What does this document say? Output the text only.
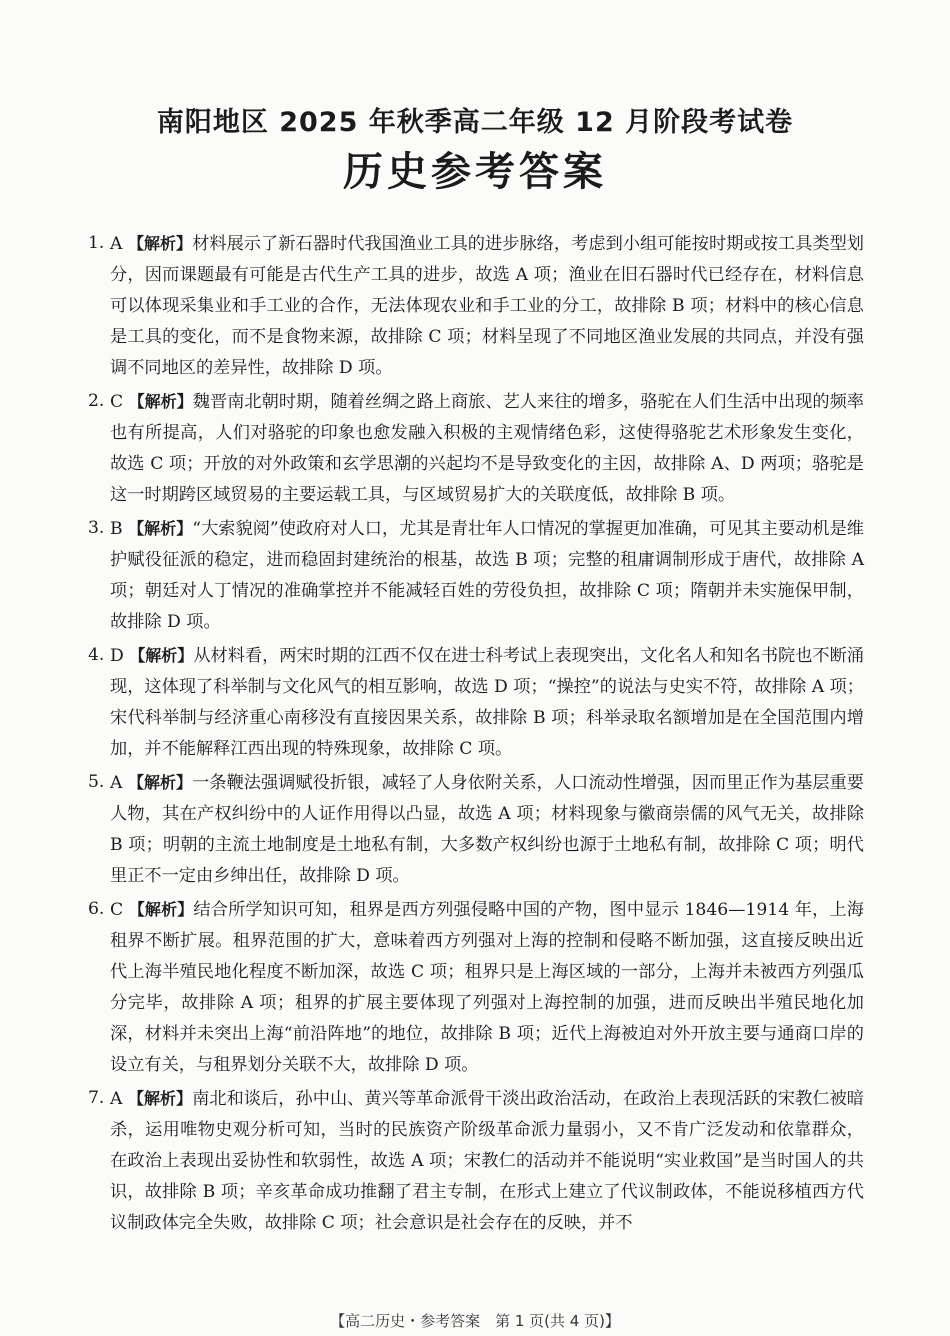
南阳地区 2025 年秋季高二年级 12 月阶段考试卷
历史参考答案
1. A 【解析】材料展示了新石器时代我国渔业工具的进步脉络，考虑到小组可能按时期或按工具类型划分，因而课题最有可能是古代生产工具的进步，故选 A 项；渔业在旧石器时代已经存在，材料信息可以体现采集业和手工业的合作，无法体现农业和手工业的分工，故排除 B 项；材料中的核心信息是工具的变化，而不是食物来源，故排除 C 项；材料呈现了不同地区渔业发展的共同点，并没有强调不同地区的差异性，故排除 D 项。
2. C 【解析】魏晋南北朝时期，随着丝绸之路上商旅、艺人来往的增多，骆驼在人们生活中出现的频率也有所提高，人们对骆驼的印象也愈发融入积极的主观情绪色彩，这使得骆驼艺术形象发生变化，故选 C 项；开放的对外政策和玄学思潮的兴起均不是导致变化的主因，故排除 A、D 两项；骆驼是这一时期跨区域贸易的主要运载工具，与区域贸易扩大的关联度低，故排除 B 项。
3. B 【解析】“大索貌阅”使政府对人口，尤其是青壮年人口情况的掌握更加准确，可见其主要动机是维护赋役征派的稳定，进而稳固封建统治的根基，故选 B 项；完整的租庸调制形成于唐代，故排除 A 项；朝廷对人丁情况的准确掌控并不能减轻百姓的劳役负担，故排除 C 项；隋朝并未实施保甲制，故排除 D 项。
4. D 【解析】从材料看，两宋时期的江西不仅在进士科考试上表现突出，文化名人和知名书院也不断涌现，这体现了科举制与文化风气的相互影响，故选 D 项；“操控”的说法与史实不符，故排除 A 项；宋代科举制与经济重心南移没有直接因果关系，故排除 B 项；科举录取名额增加是在全国范围内增加，并不能解释江西出现的特殊现象，故排除 C 项。
5. A 【解析】一条鞭法强调赋役折银，减轻了人身依附关系，人口流动性增强，因而里正作为基层重要人物，其在产权纠纷中的人证作用得以凸显，故选 A 项；材料现象与徽商崇儒的风气无关，故排除 B 项；明朝的主流土地制度是土地私有制，大多数产权纠纷也源于土地私有制，故排除 C 项；明代里正不一定由乡绅出任，故排除 D 项。
6. C 【解析】结合所学知识可知，租界是西方列强侵略中国的产物，图中显示 1846—1914 年，上海租界不断扩展。租界范围的扩大，意味着西方列强对上海的控制和侵略不断加强，这直接反映出近代上海半殖民地化程度不断加深，故选 C 项；租界只是上海区域的一部分，上海并未被西方列强瓜分完毕，故排除 A 项；租界的扩展主要体现了列强对上海控制的加强，进而反映出半殖民地化加深，材料并未突出上海“前沿阵地”的地位，故排除 B 项；近代上海被迫对外开放主要与通商口岸的设立有关，与租界划分关联不大，故排除 D 项。
7. A 【解析】南北和谈后，孙中山、黄兴等革命派骨干淡出政治活动，在政治上表现活跃的宋教仁被暗杀，运用唯物史观分析可知，当时的民族资产阶级革命派力量弱小，又不肯广泛发动和依靠群众，在政治上表现出妥协性和软弱性，故选 A 项；宋教仁的活动并不能说明“实业救国”是当时国人的共识，故排除 B 项；辛亥革命成功推翻了君主专制，在形式上建立了代议制政体，不能说移植西方代议制政体完全失败，故排除 C 项；社会意识是社会存在的反映，并不
【高二历史・参考答案　第 1 页(共 4 页)】
